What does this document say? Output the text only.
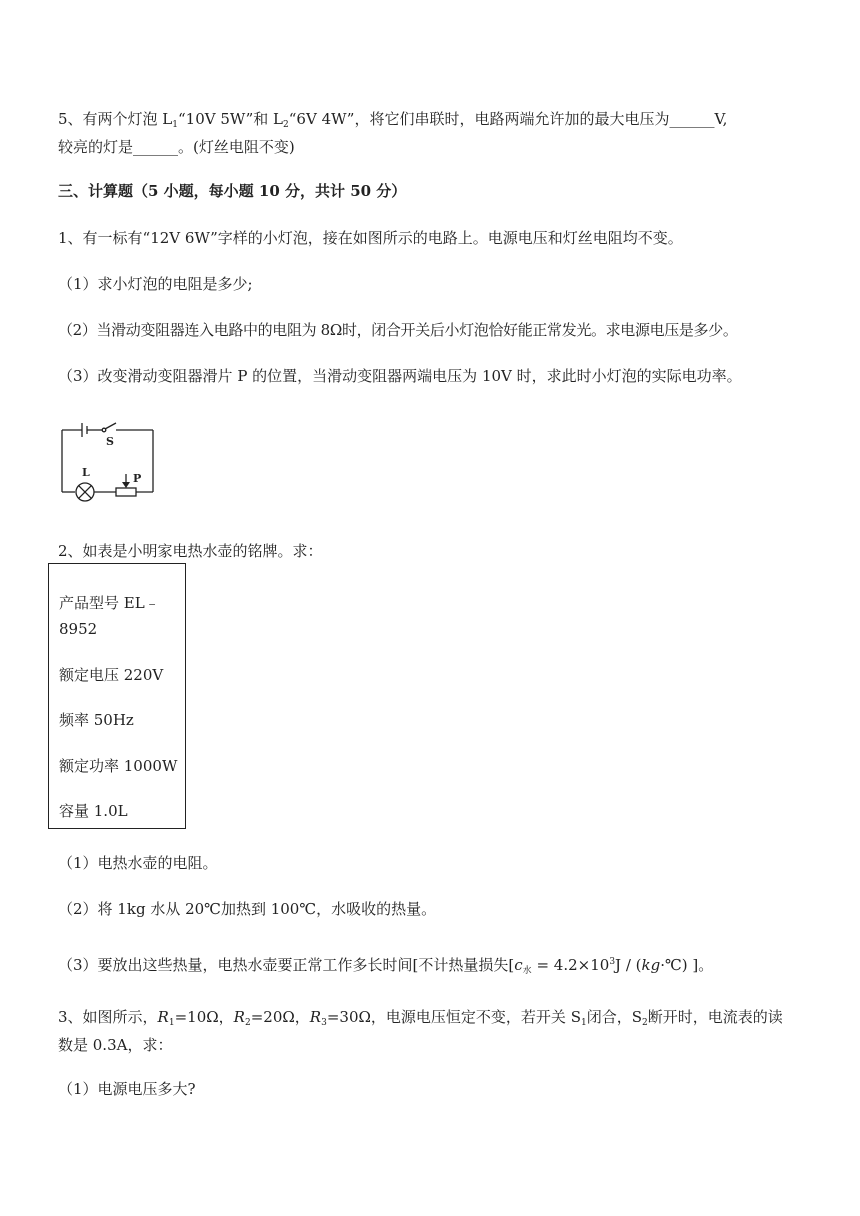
5、有两个灯泡 $L_1“10V$ 5W”和 $L_2“6V$ 4W”，将它们串联时，电路两端允许加的最大电压为______V,
较亮的灯是______。(灯丝电阻不变)
三、计算题（5 小题，每小题 10 分，共计 50 分）
1、有一标有“12V 6W”字样的小灯泡，接在如图所示的电路上。电源电压和灯丝电阻均不变。
（1）求小灯泡的电阻是多少;
（2）当滑动变阻器连入电路中的电阻为 8Ω时，闭合开关后小灯泡恰好能正常发光。求电源电压是多少。
（3）改变滑动变阻器滑片 P 的位置，当滑动变阻器两端电压为 10V 时，求此时小灯泡的实际电功率。
S
L	P
2、如表是小明家电热水壶的铭牌。求：
产品型号 EL﹣
8952
额定电压 220V
频率 50Hz
额定功率 1000W
容量 1.0L
（1）电热水壶的电阻。
（2）将 1kg 水从 20℃加热到 100℃，水吸收的热量。
（3）要放出这些热量，电热水壶要正常工作多长时间[不计热量损失[$c_水 = 4.2\times 10^3J$ / (kg·℃) ]。
3、如图所示，$R_1=10\Omega$，$R_2=20\Omega$，$R_3=30\Omega$，电源电压恒定不变，若开关 $S_1$闭合，$S_2$断开时，电流表的读
数是 0.3A，求：
（1）电源电压多大?
